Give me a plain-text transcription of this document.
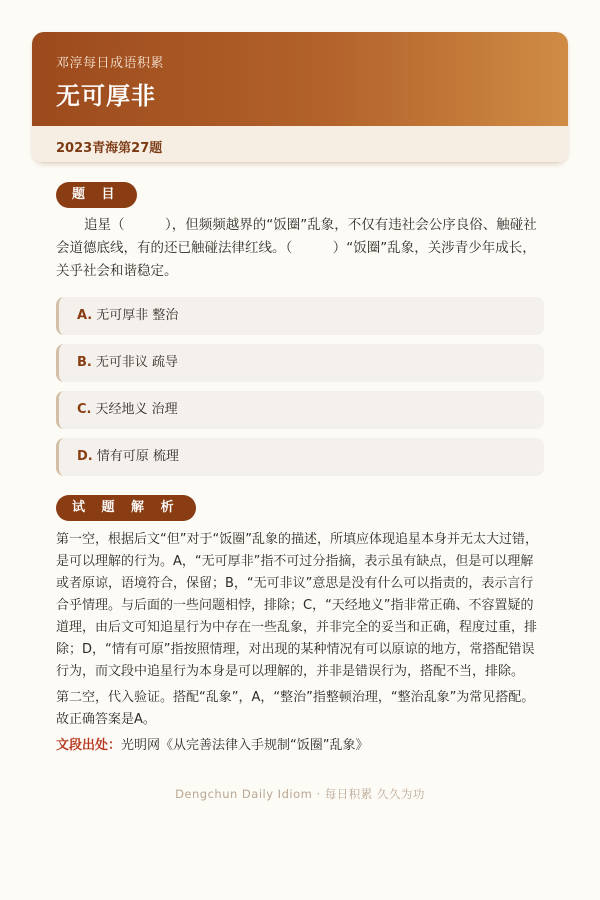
邓淳每日成语积累
无可厚非
2023青海第27题
题 目
追星（　　　），但频频越界的“饭圈”乱象，不仅有违社会公序良俗、触碰社会道德底线，有的还已触碰法律红线。（　　　）“饭圈”乱象，关涉青少年成长，关乎社会和谐稳定。
A. 无可厚非 整治
B. 无可非议 疏导
C. 天经地义 治理
D. 情有可原 梳理
试 题 解 析

第一空，根据后文“但”对于“饭圈”乱象的描述，所填应体现追星本身并无太大过错，是可以理解的行为。A，“无可厚非”指不可过分指摘，表示虽有缺点，但是可以理解或者原谅，语境符合，保留；B，“无可非议”意思是没有什么可以指责的，表示言行合乎情理。与后面的一些问题相悖，排除；C，“天经地义”指非常正确、不容置疑的道理，由后文可知追星行为中存在一些乱象，并非完全的妥当和正确，程度过重，排除；D，“情有可原”指按照情理，对出现的某种情况有可以原谅的地方，常搭配错误行为，而文段中追星行为本身是可以理解的，并非是错误行为，搭配不当，排除。

第二空，代入验证。搭配“乱象”，A，“整治”指整顿治理，“整治乱象”为常见搭配。故正确答案是A。

文段出处：光明网《从完善法律入手规制“饭圈”乱象》
Dengchun Daily Idiom · 每日积累 久久为功
